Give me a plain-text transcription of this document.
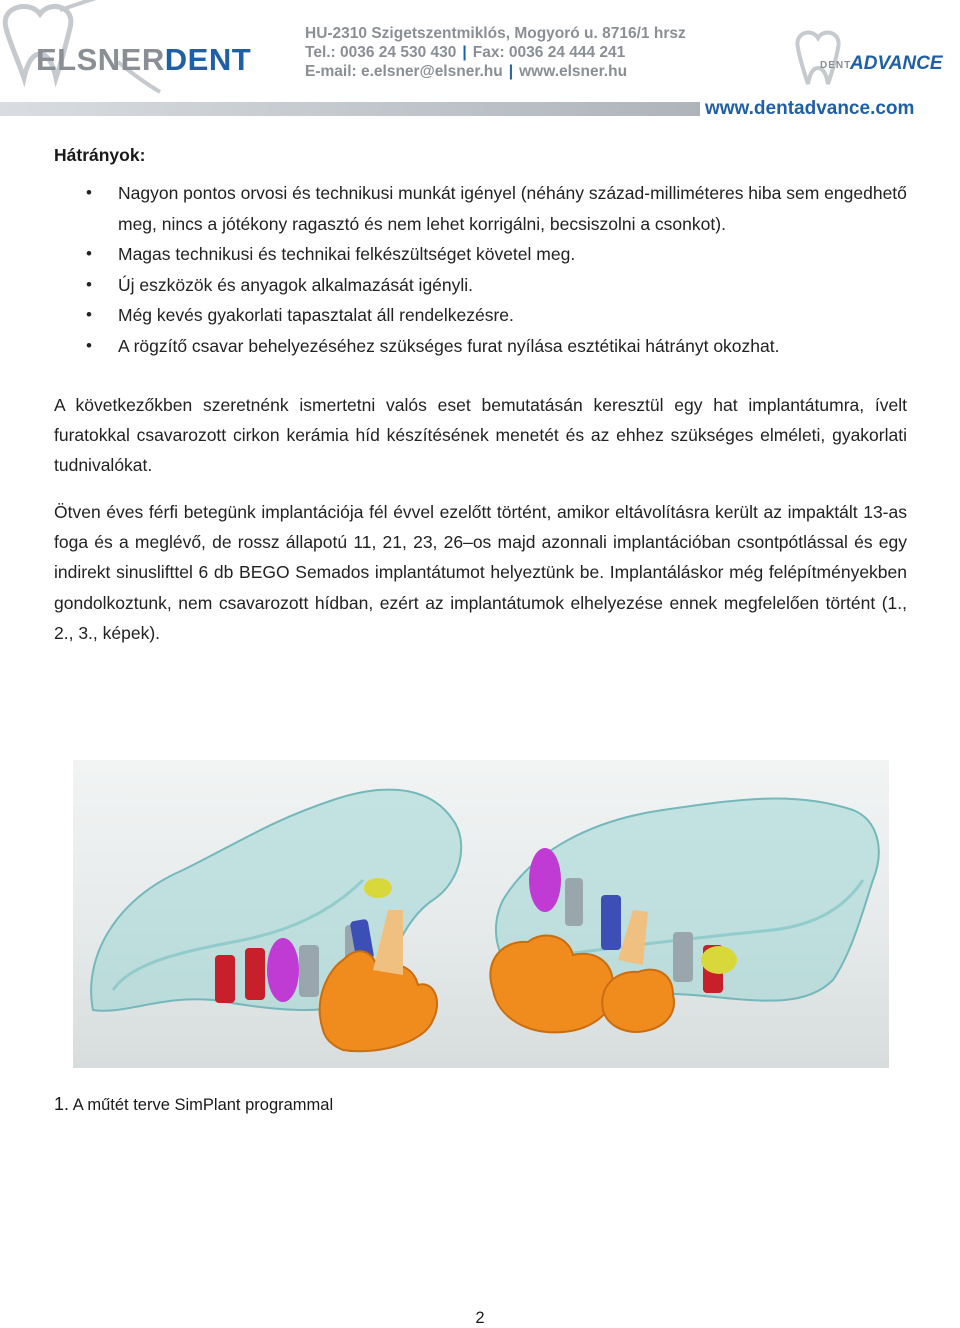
ELSNERDENT
HU-2310 Szigetszentmiklós, Mogyoró u. 8716/1 hrsz
Tel.: 0036 24 530 430 | Fax: 0036 24 444 241
E-mail: e.elsner@elsner.hu | www.elsner.hu	DENT
ADVANCE
www.dentadvance.com
Hátrányok:
• Nagyon pontos orvosi és technikusi munkát igényel (néhány század-milliméteres hiba sem engedhető meg, nincs a jótékony ragasztó és nem lehet korrigálni, becsiszolni a csonkot).
• Magas technikusi és technikai felkészültséget követel meg.
• Új eszközök és anyagok alkalmazását igényli.
• Még kevés gyakorlati tapasztalat áll rendelkezésre.
• A rögzítő csavar behelyezéséhez szükséges furat nyílása esztétikai hátrányt okozhat.

A következőkben szeretnénk ismertetni valós eset bemutatásán keresztül egy hat implantátumra, ívelt furatokkal csavarozott cirkon kerámia híd készítésének menetét és az ehhez szükséges elméleti, gyakorlati tudnivalókat.

Ötven éves férfi betegünk implantációja fél évvel ezelőtt történt, amikor eltávolításra került az impaktált 13-as foga és a meglévő, de rossz állapotú 11, 21, 23, 26–os majd azonnali implantációban csontpótlással és egy indirekt sinuslifttel 6 db BEGO Semados implantátumot helyeztünk be. Implantáláskor még felépítményekben gondolkoztunk, nem csavarozott hídban, ezért az implantátumok elhelyezése ennek megfelelően történt (1., 2., 3., képek).

1. A műtét terve SimPlant programmal
2
